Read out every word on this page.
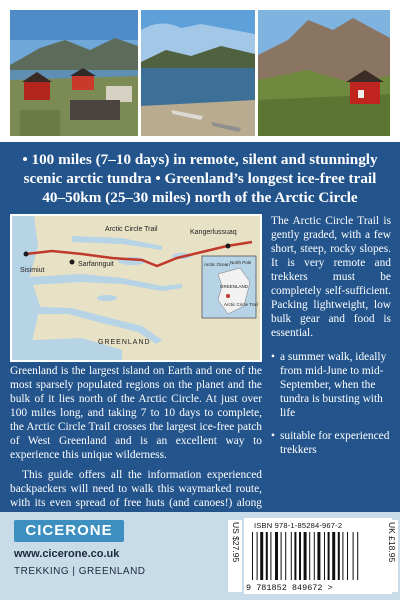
• 100 miles (7–10 days) in remote, silent and stunningly
scenic arctic tundra • Greenland’s longest ice-free trail
40–50km (25–30 miles) north of the Arctic Circle
Arctic Circle Trail	Kangerlussuaq
Sisimiut
Sarfannguit
GREENLAND
Arctic Ocean North Pole
GREENLAND
Arctic Circle Trail

The Arctic Circle Trail is gently graded, with a few short, steep, rocky slopes. It is very remote and trekkers must be completely self-sufficient. Packing lightweight, low bulk gear and food is essential.

• a summer walk, ideally from mid-June to mid-September, when the tundra is bursting with life
• suitable for experienced trekkers

Greenland is the largest island on Earth and one of the most sparsely populated regions on the planet and the bulk of it lies north of the Arctic Circle. At just over 100 miles long, and taking 7 to 10 days to complete, the Arctic Circle Trail crosses the largest ice-free patch of West Greenland and is an excellent way to experience this unique wilderness.

This guide offers all the information experienced backpackers will need to walk this waymarked route, with its even spread of free huts (and canoes!) along

CICERONE
www.cicerone.co.uk
TREKKING | GREENLAND
US $27.95 ISBN 978-1-85284-967-2
9 781852 849672 >
UK £18.95
